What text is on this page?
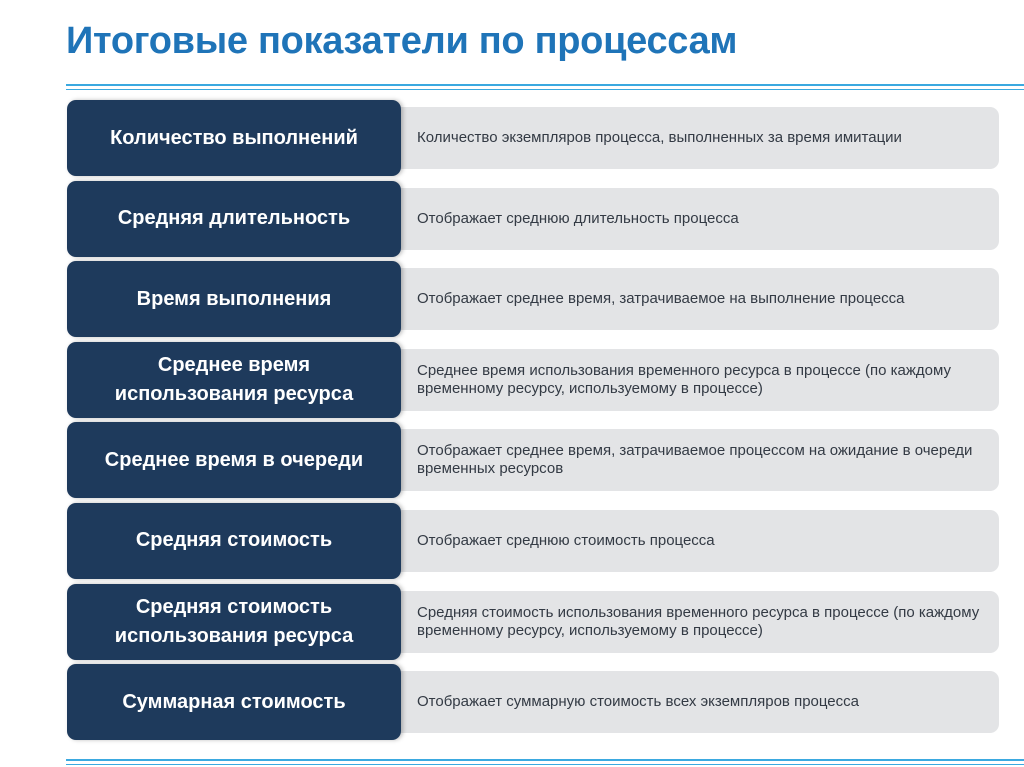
Итоговые показатели по процессам
Количество экземпляров процесса, выполненных за время имитации
Количество выполнений
Отображает среднюю длительность процесса
Средняя длительность
Отображает среднее время, затрачиваемое на выполнение процесса
Время выполнения
Среднее время использования временного ресурса в процессе (по каждому временному ресурсу, используемому в процессе)
Среднее время использования ресурса
Отображает среднее время, затрачиваемое процессом на ожидание в очереди временных ресурсов
Среднее время в очереди
Отображает среднюю стоимость процесса
Средняя стоимость
Средняя стоимость использования временного ресурса в процессе (по каждому временному ресурсу, используемому в процессе)
Средняя стоимость использования ресурса
Отображает суммарную стоимость всех экземпляров процесса
Суммарная стоимость
